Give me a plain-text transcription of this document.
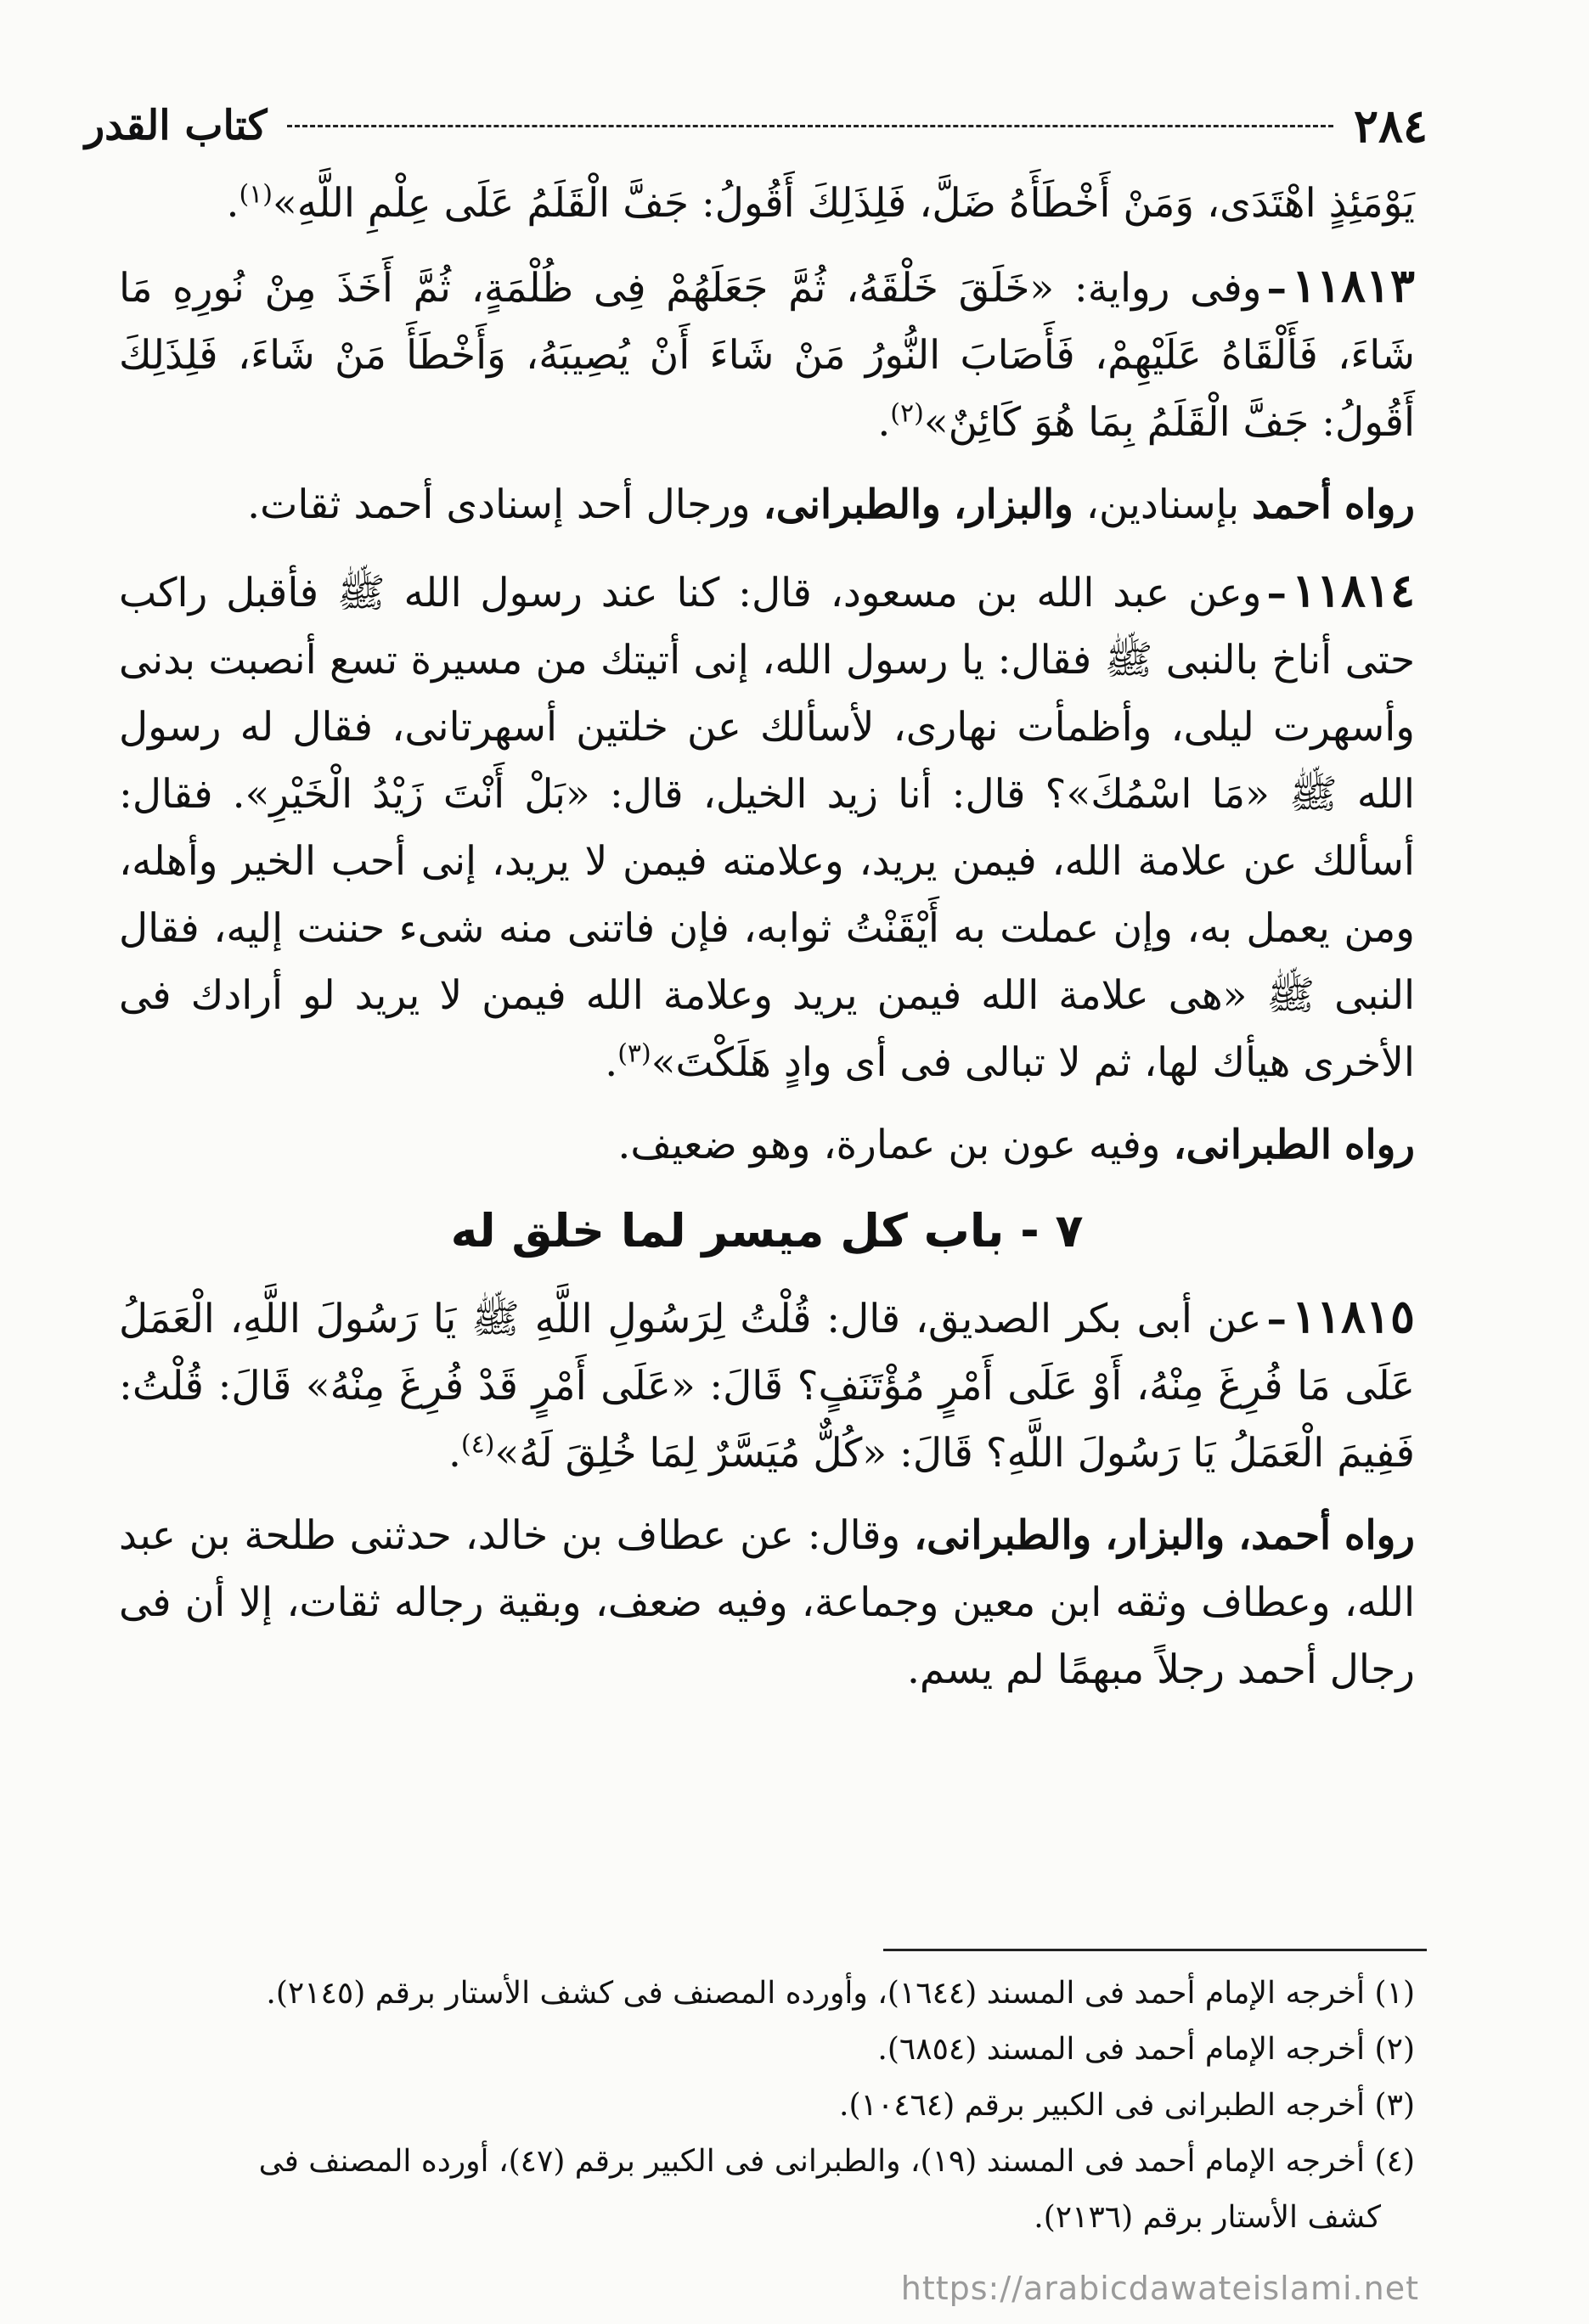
٢٨٤
كتاب القدر

يَوْمَئِذٍ اهْتَدَى، وَمَنْ أَخْطَأَهُ ضَلَّ، فَلِذَلِكَ أَقُولُ: جَفَّ الْقَلَمُ عَلَى عِلْمِ اللَّهِ»$^{(١)}$.

١١٨١٣–وفى رواية: «خَلَقَ خَلْقَهُ، ثُمَّ جَعَلَهُمْ فِى ظُلْمَةٍ، ثُمَّ أَخَذَ مِنْ نُورِهِ مَا شَاءَ، فَأَلْقَاهُ عَلَيْهِمْ، فَأَصَابَ النُّورُ مَنْ شَاءَ أَنْ يُصِيبَهُ، وَأَخْطَأَ مَنْ شَاءَ، فَلِذَلِكَ أَقُولُ: جَفَّ الْقَلَمُ بِمَا هُوَ كَائِنٌ»$^{(٢)}$.

رواه أحمد بإسنادين، والبزار، والطبرانى، ورجال أحد إسنادى أحمد ثقات.

١١٨١٤–وعن عبد الله بن مسعود، قال: كنا عند رسول الله ﷺ فأقبل راكب حتى أناخ بالنبى ﷺ فقال: يا رسول الله، إنى أتيتك من مسيرة تسع أنصبت بدنى وأسهرت ليلى، وأظمأت نهارى، لأسألك عن خلتين أسهرتانى، فقال له رسول الله ﷺ «مَا اسْمُكَ»؟ قال: أنا زيد الخيل، قال: «بَلْ أَنْتَ زَيْدُ الْخَيْرِ». فقال: أسألك عن علامة الله، فيمن يريد، وعلامته فيمن لا يريد، إنى أحب الخير وأهله، ومن يعمل به، وإن عملت به أَيْقَنْتُ ثوابه، فإن فاتنى منه شىء حننت إليه، فقال النبى ﷺ «هى علامة الله فيمن يريد وعلامة الله فيمن لا يريد لو أرادك فى الأخرى هيأك لها، ثم لا تبالى فى أى وادٍ هَلَكْتَ»$^{(٣)}$.

رواه الطبرانى، وفيه عون بن عمارة، وهو ضعيف.

٧ - باب كل ميسر لما خلق له

١١٨١٥–عن أبى بكر الصديق، قال: قُلْتُ لِرَسُولِ اللَّهِ ﷺ يَا رَسُولَ اللَّهِ، الْعَمَلُ عَلَى مَا فُرِغَ مِنْهُ، أَوْ عَلَى أَمْرٍ مُؤْتَنَفٍ؟ قَالَ: «عَلَى أَمْرٍ قَدْ فُرِغَ مِنْهُ» قَالَ: قُلْتُ: فَفِيمَ الْعَمَلُ يَا رَسُولَ اللَّهِ؟ قَالَ: «كُلٌّ مُيَسَّرٌ لِمَا خُلِقَ لَهُ»$^{(٤)}$.

رواه أحمد، والبزار، والطبرانى، وقال: عن عطاف بن خالد، حدثنى طلحة بن عبد الله، وعطاف وثقه ابن معين وجماعة، وفيه ضعف، وبقية رجاله ثقات، إلا أن فى رجال أحمد رجلاً مبهمًا لم يسم.

(١) أخرجه الإمام أحمد فى المسند (١٦٤٤)، وأورده المصنف فى كشف الأستار برقم (٢١٤٥).

(٢) أخرجه الإمام أحمد فى المسند (٦٨٥٤).

(٣) أخرجه الطبرانى فى الكبير برقم (١٠٤٦٤).

(٤) أخرجه الإمام أحمد فى المسند (١٩)، والطبرانى فى الكبير برقم (٤٧)، أورده المصنف فى
كشف الأستار برقم (٢١٣٦).

https://arabicdawateislami.net
